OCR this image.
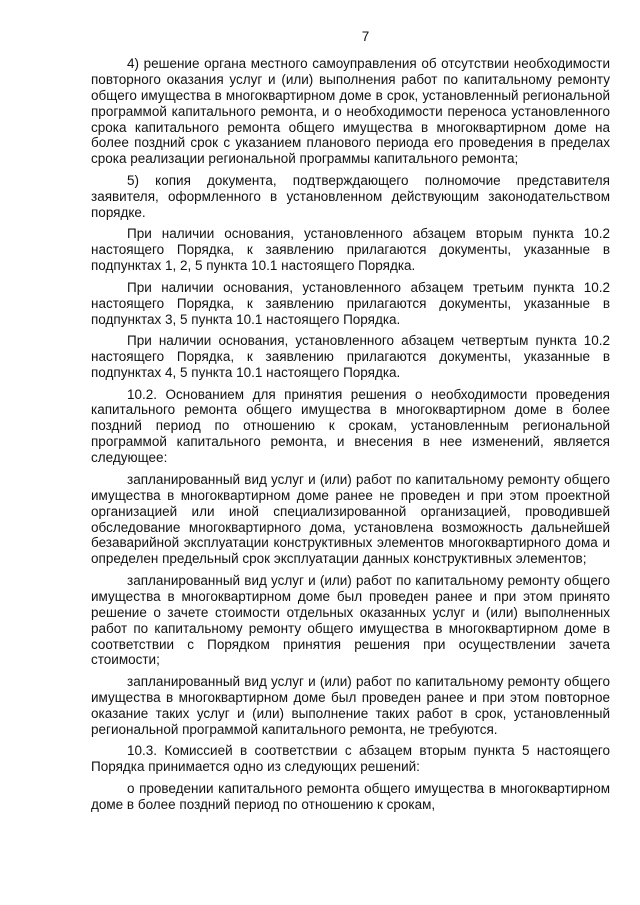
7

4) решение органа местного самоуправления об отсутствии необходимости повторного оказания услуг и (или) выполнения работ по капитальному ремонту общего имущества в многоквартирном доме в срок, установленный региональной программой капитального ремонта, и о необходимости переноса установленного срока капитального ремонта общего имущества в многоквартирном доме на более поздний срок с указанием планового периода его проведения в пределах срока реализации региональной программы капитального ремонта;

5) копия документа, подтверждающего полномочие представителя заявителя, оформленного в установленном действующим законодательством порядке.

При наличии основания, установленного абзацем вторым пункта 10.2 настоящего Порядка, к заявлению прилагаются документы, указанные в подпунктах 1, 2, 5 пункта 10.1 настоящего Порядка.

При наличии основания, установленного абзацем третьим пункта 10.2 настоящего Порядка, к заявлению прилагаются документы, указанные в подпунктах 3, 5 пункта 10.1 настоящего Порядка.

При наличии основания, установленного абзацем четвертым пункта 10.2 настоящего Порядка, к заявлению прилагаются документы, указанные в подпунктах 4, 5 пункта 10.1 настоящего Порядка.

10.2. Основанием для принятия решения о необходимости проведения капитального ремонта общего имущества в многоквартирном доме в более поздний период по отношению к срокам, установленным региональной программой капитального ремонта, и внесения в нее изменений, является следующее:

запланированный вид услуг и (или) работ по капитальному ремонту общего имущества в многоквартирном доме ранее не проведен и при этом проектной организацией или иной специализированной организацией, проводившей обследование многоквартирного дома, установлена возможность дальнейшей безаварийной эксплуатации конструктивных элементов многоквартирного дома и определен предельный срок эксплуатации данных конструктивных элементов;

запланированный вид услуг и (или) работ по капитальному ремонту общего имущества в многоквартирном доме был проведен ранее и при этом принято решение о зачете стоимости отдельных оказанных услуг и (или) выполненных работ по капитальному ремонту общего имущества в многоквартирном доме в соответствии с Порядком принятия решения при осуществлении зачета стоимости;

запланированный вид услуг и (или) работ по капитальному ремонту общего имущества в многоквартирном доме был проведен ранее и при этом повторное оказание таких услуг и (или) выполнение таких работ в срок, установленный региональной программой капитального ремонта, не требуются.

10.3. Комиссией в соответствии с абзацем вторым пункта 5 настоящего Порядка принимается одно из следующих решений:

о проведении капитального ремонта общего имущества в многоквартирном доме в более поздний период по отношению к срокам,
